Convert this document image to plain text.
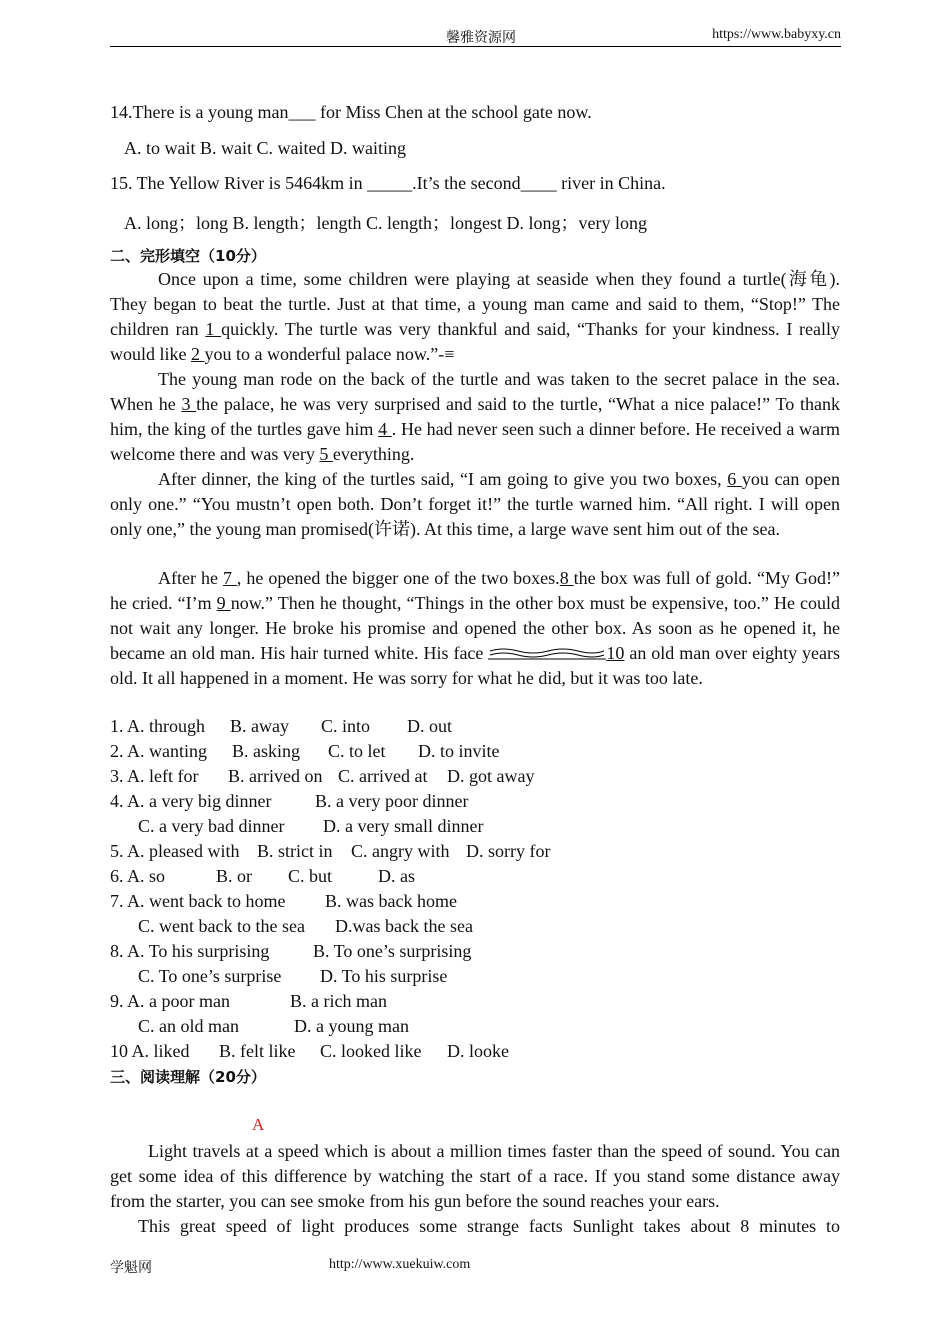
馨雅资源网	https://www.babyxy.cn
14.There is a young man___ for Miss Chen at the school gate now.
A. to wait B. wait C. waited D. waiting
15. The Yellow River is 5464km in _____.It’s the second____ river in China.
A. long；long B. length；length C. length；longest D. long；very long
二、完形填空（10分）
Once upon a time, some children were playing at seaside when they found a turtle(海龟). They began to beat the turtle. Just at that time, a young man came and said to them, “Stop!” The children ran 1 quickly. The turtle was very thankful and said, “Thanks for your kindness. I really would like 2 you to a wonderful palace now.”-≡
The young man rode on the back of the turtle and was taken to the secret palace in the sea. When he 3 the palace, he was very surprised and said to the turtle, “What a nice palace!” To thank him, the king of the turtles gave him 4 . He had never seen such a dinner before. He received a warm welcome there and was very 5 everything.
After dinner, the king of the turtles said, “I am going to give you two boxes, 6 you can open only one.” “You mustn’t open both. Don’t forget it!” the turtle warned him. “All right. I will open only one,” the young man promised(许诺). At this time, a large wave sent him out of the sea.
After he 7 , he opened the bigger one of the two boxes.8 the box was full of gold. “My God!” he cried. “I’m 9 now.” Then he thought, “Things in the other box must be expensive, too.” He could not wait any longer. He broke his promise and opened the other box. As soon as he opened it, he became an old man. His hair turned white. His face	10 an old man over eighty years old. It all happened in a moment. He was sorry for what he did, but it was too late.
1. A. through B. away C. into D. out
2. A. wanting B. asking C. to let D. to invite
3. A. left for B. arrived on C. arrived at D. got away
4. A. a very big dinner B. a very poor dinner
C. a very bad dinner D. a very small dinner
5. A. pleased with B. strict in C. angry with D. sorry for
6. A. so	B. or C. but	D. as
7. A. went back to home B. was back home
C. went back to the sea D.was back the sea
8. A. To his surprising B. To one’s surprising
C. To one’s surprise D. To his surprise
9. A. a poor man	B. a rich man
C. an old man	D. a young man
10 A. liked B. felt like C. looked like D. looke
三、阅读理解（20分）
A
Light travels at a speed which is about a million times faster than the speed of sound. You can get some idea of this difference by watching the start of a race. If you stand some distance away from the starter, you can see smoke from his gun before the sound reaches your ears.
This great speed of light produces some strange facts Sunlight takes about 8 minutes to
学魁网	http://www.xuekuiw.com
